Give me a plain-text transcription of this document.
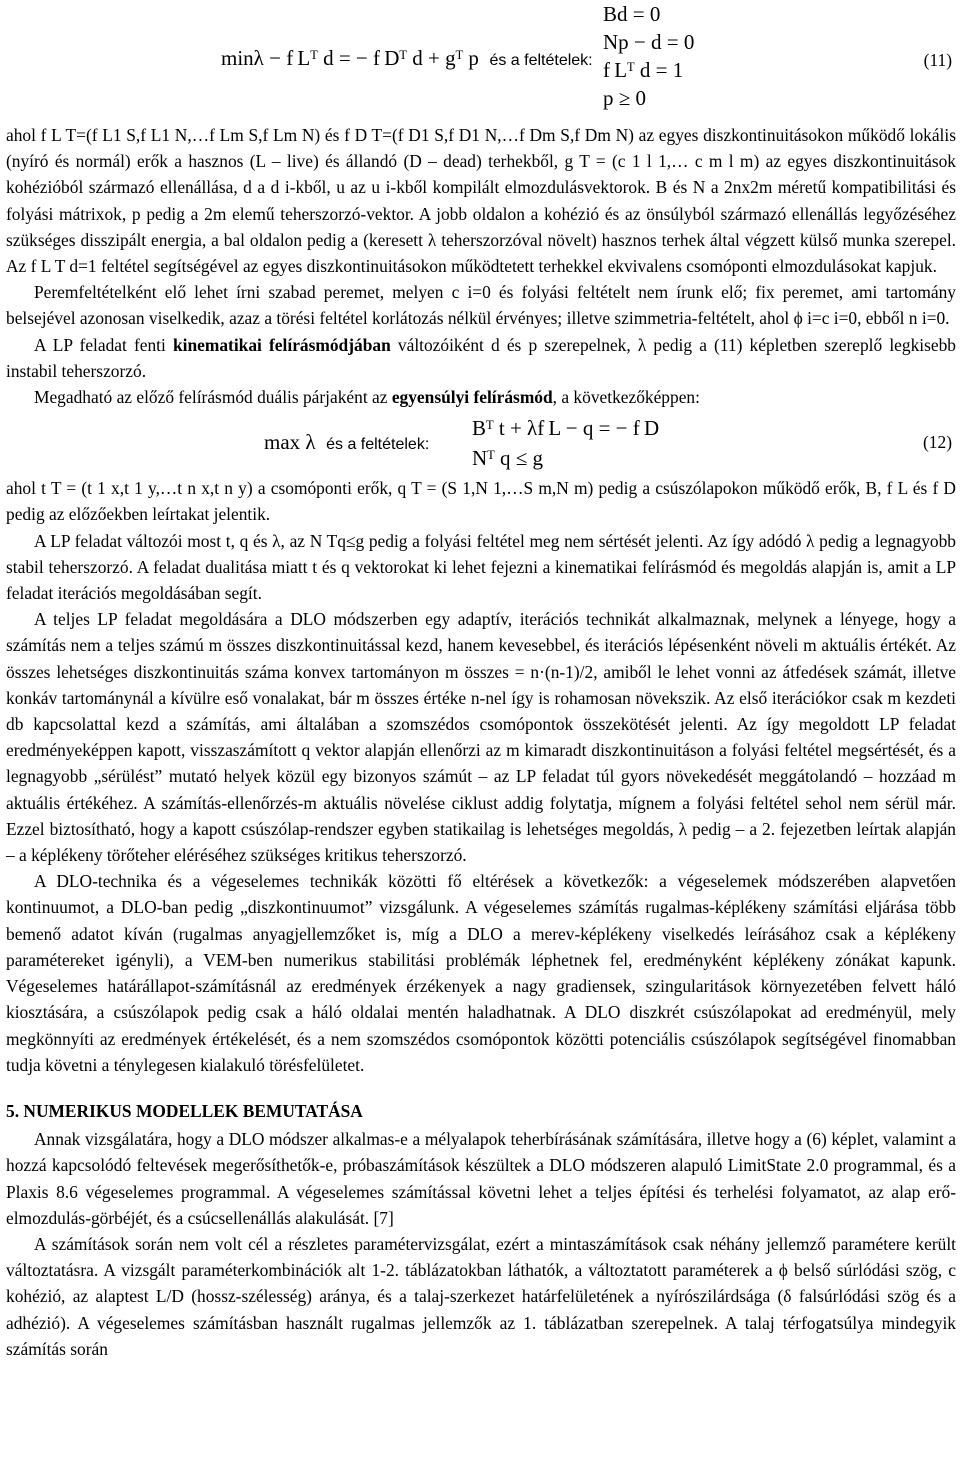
minλ − f Lᵀ d = − f Dᵀ d + gᵀ p és a feltételek:
Bd = 0
Np − d = 0
f Lᵀ d = 1
p ≥ 0
(11)

ahol f L T=(f L1 S,f L1 N,…f Lm S,f Lm N) és f D T=(f D1 S,f D1 N,…f Dm S,f Dm N) az egyes diszkontinuitásokon működő lokális (nyíró és normál) erők a hasznos (L – live) és állandó (D – dead) terhekből, g T = (c 1 l 1,… c m l m) az egyes diszkontinuitások kohézióból származó ellenállása, d a d i-kből, u az u i-kből kompilált elmozdulásvektorok. B és N a 2nx2m méretű kompatibilitási és folyási mátrixok, p pedig a 2m elemű teherszorzó-vektor. A jobb oldalon a kohézió és az önsúlyból származó ellenállás legyőzéséhez szükséges disszipált energia, a bal oldalon pedig a (keresett λ teherszorzóval növelt) hasznos terhek által végzett külső munka szerepel. Az f L T d=1 feltétel segítségével az egyes diszkontinuitásokon működtetett terhekkel ekvivalens csomóponti elmozdulásokat kapjuk.

Peremfeltételként elő lehet írni szabad peremet, melyen c i=0 és folyási feltételt nem írunk elő; fix peremet, ami tartomány belsejével azonosan viselkedik, azaz a törési feltétel korlátozás nélkül érvényes; illetve szimmetria-feltételt, ahol ϕ i=c i=0, ebből n i=0.

A LP feladat fenti kinematikai felírásmódjában változóiként d és p szerepelnek, λ pedig a (11) képletben szereplő legkisebb instabil teherszorzó.

Megadható az előző felírásmód duális párjaként az egyensúlyi felírásmód, a következőképpen:

max λ és a feltételek:
Bᵀ t + λf L − q = − f D
Nᵀ q ≤ g
(12)

ahol t T = (t 1 x,t 1 y,…t n x,t n y) a csomóponti erők, q T = (S 1,N 1,…S m,N m) pedig a csúszólapokon működő erők, B, f L és f D pedig az előzőekben leírtakat jelentik.

A LP feladat változói most t, q és λ, az N Tq≤g pedig a folyási feltétel meg nem sértését jelenti. Az így adódó λ pedig a legnagyobb stabil teherszorzó. A feladat dualitása miatt t és q vektorokat ki lehet fejezni a kinematikai felírásmód és megoldás alapján is, amit a LP feladat iterációs megoldásában segít.

A teljes LP feladat megoldására a DLO módszerben egy adaptív, iterációs technikát alkalmaznak, melynek a lényege, hogy a számítás nem a teljes számú m összes diszkontinuitással kezd, hanem kevesebbel, és iterációs lépésenként növeli m aktuális értékét. Az összes lehetséges diszkontinuitás száma konvex tartományon m összes = n·(n-1)/2, amiből le lehet vonni az átfedések számát, illetve konkáv tartománynál a kívülre eső vonalakat, bár m összes értéke n-nel így is rohamosan növekszik. Az első iterációkor csak m kezdeti db kapcsolattal kezd a számítás, ami általában a szomszédos csomópontok összekötését jelenti. Az így megoldott LP feladat eredményeképpen kapott, visszaszámított q vektor alapján ellenőrzi az m kimaradt diszkontinuitáson a folyási feltétel megsértését, és a legnagyobb „sérülést” mutató helyek közül egy bizonyos számút – az LP feladat túl gyors növekedését meggátolandó – hozzáad m aktuális értékéhez. A számítás-ellenőrzés-m aktuális növelése ciklust addig folytatja, mígnem a folyási feltétel sehol nem sérül már. Ezzel biztosítható, hogy a kapott csúszólap-rendszer egyben statikailag is lehetséges megoldás, λ pedig – a 2. fejezetben leírtak alapján – a képlékeny törőteher eléréséhez szükséges kritikus teherszorzó.

A DLO-technika és a végeselemes technikák közötti fő eltérések a következők: a végeselemek módszerében alapvetően kontinuumot, a DLO-ban pedig „diszkontinuumot” vizsgálunk. A végeselemes számítás rugalmas-képlékeny számítási eljárása több bemenő adatot kíván (rugalmas anyagjellemzőket is, míg a DLO a merev-képlékeny viselkedés leírásához csak a képlékeny paramétereket igényli), a VEM-ben numerikus stabilitási problémák léphetnek fel, eredményként képlékeny zónákat kapunk. Végeselemes határállapot-számításnál az eredmények érzékenyek a nagy gradiensek, szingularitások környezetében felvett háló kiosztására, a csúszólapok pedig csak a háló oldalai mentén haladhatnak. A DLO diszkrét csúszólapokat ad eredményül, mely megkönnyíti az eredmények értékelését, és a nem szomszédos csomópontok közötti potenciális csúszólapok segítségével finomabban tudja követni a ténylegesen kialakuló törésfelületet.

5. NUMERIKUS MODELLEK BEMUTATÁSA

Annak vizsgálatára, hogy a DLO módszer alkalmas-e a mélyalapok teherbírásának számítására, illetve hogy a (6) képlet, valamint a hozzá kapcsolódó feltevések megerősíthetők-e, próbaszámítások készültek a DLO módszeren alapuló LimitState 2.0 programmal, és a Plaxis 8.6 végeselemes programmal. A végeselemes számítással követni lehet a teljes építési és terhelési folyamatot, az alap erő-elmozdulás-görbéjét, és a csúcsellenállás alakulását. [7]

A számítások során nem volt cél a részletes paramétervizsgálat, ezért a mintaszámítások csak néhány jellemző paramétere került változtatásra. A vizsgált paraméterkombinációk alt 1-2. táblázatokban láthatók, a változtatott paraméterek a ϕ belső súrlódási szög, c kohézió, az alaptest L/D (hossz-szélesség) aránya, és a talaj-szerkezet határfelületének a nyírószilárdsága (δ falsúrlódási szög és a adhézió). A végeselemes számításban használt rugalmas jellemzők az 1. táblázatban szerepelnek. A talaj térfogatsúlya mindegyik számítás során
